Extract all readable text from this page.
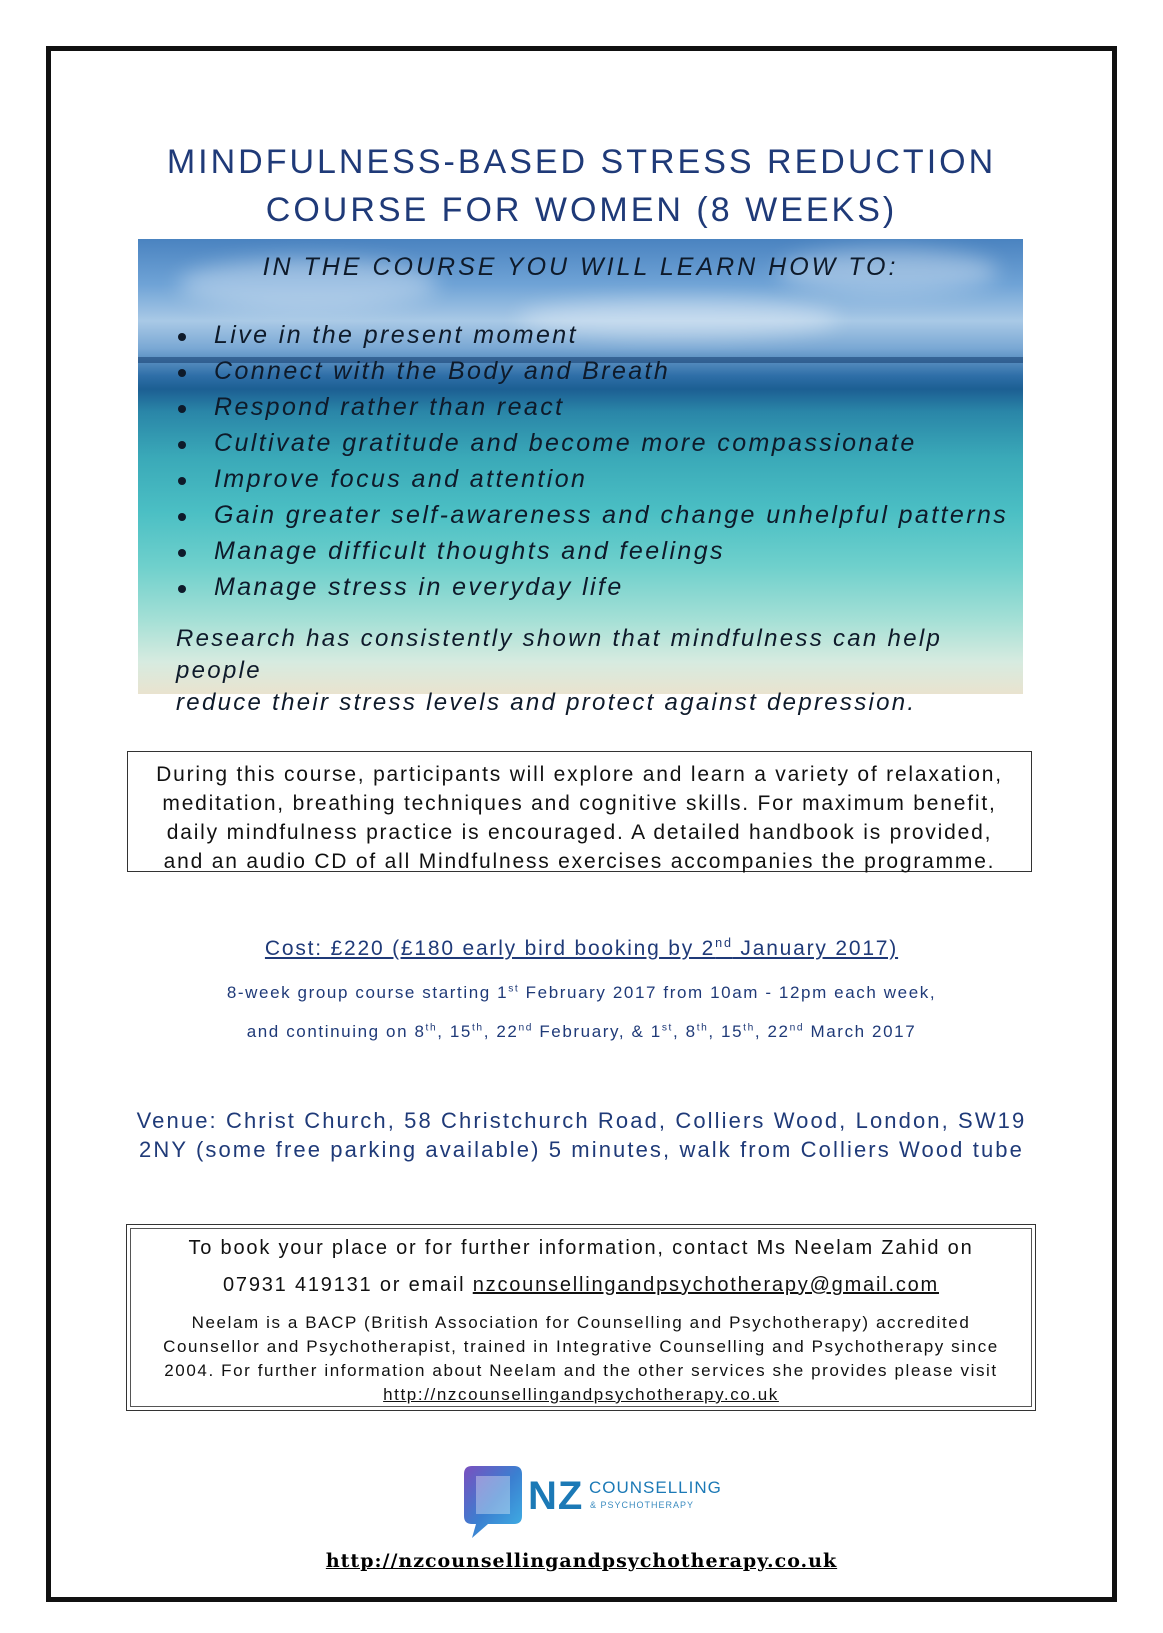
MINDFULNESS-BASED STRESS REDUCTION
COURSE FOR WOMEN (8 WEEKS)
IN THE COURSE YOU WILL LEARN HOW TO:
Live in the present moment
Connect with the Body and Breath
Respond rather than react
Cultivate gratitude and become more compassionate
Improve focus and attention
Gain greater self-awareness and change unhelpful patterns
Manage difficult thoughts and feelings
Manage stress in everyday life
Research has consistently shown that mindfulness can help people
reduce their stress levels and protect against depression.

During this course, participants will explore and learn a variety of relaxation,
meditation, breathing techniques and cognitive skills. For maximum benefit,
daily mindfulness practice is encouraged. A detailed handbook is provided,
and an audio CD of all Mindfulness exercises accompanies the programme.

Cost: £220 (£180 early bird booking by 2nd January 2017)
8-week group course starting 1st February 2017 from 10am - 12pm each week,
and continuing on 8th, 15th, 22nd February, & 1st, 8th, 15th, 22nd March 2017
Venue: Christ Church, 58 Christchurch Road, Colliers Wood, London, SW19
2NY (some free parking available) 5 minutes, walk from Colliers Wood tube
To book your place or for further information, contact Ms Neelam Zahid on
07931 419131 or email nzcounsellingandpsychotherapy@gmail.com
Neelam is a BACP (British Association for Counselling and Psychotherapy) accredited
Counsellor and Psychotherapist, trained in Integrative Counselling and Psychotherapy since
2004. For further information about Neelam and the other services she provides please visit
http://nzcounsellingandpsychotherapy.co.uk
NZ COUNSELLING
& PSYCHOTHERAPY
http://nzcounsellingandpsychotherapy.co.uk
